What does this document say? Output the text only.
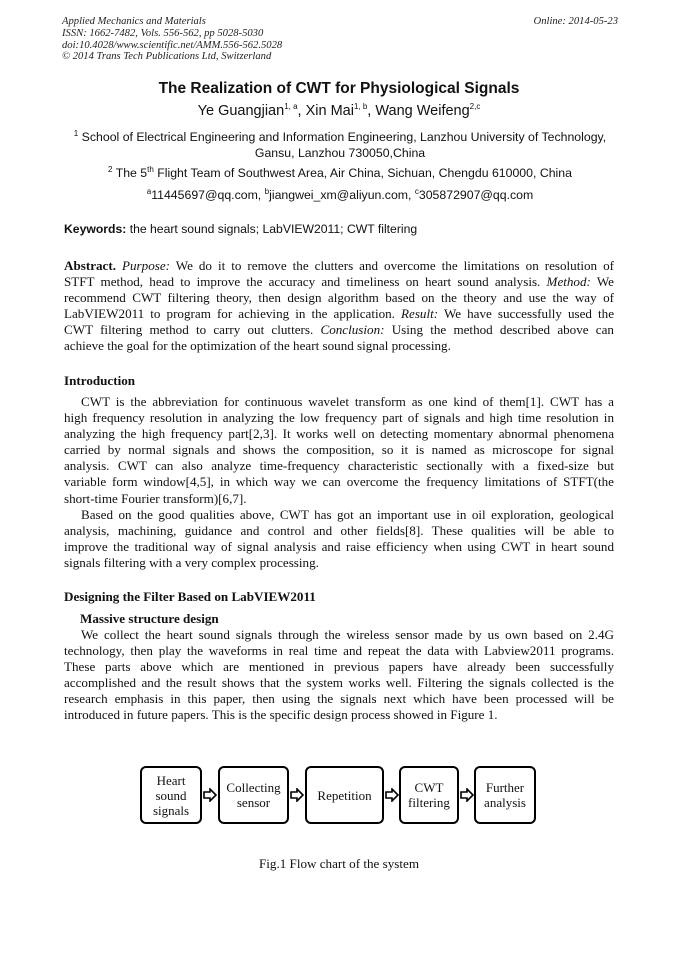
Applied Mechanics and Materials
ISSN: 1662-7482, Vols. 556-562, pp 5028-5030
doi:10.4028/www.scientific.net/AMM.556-562.5028
© 2014 Trans Tech Publications Ltd, Switzerland
Online: 2014-05-23
The Realization of CWT for Physiological Signals
Ye Guangjian$^{1, a}$, Xin Mai$^{1, b}$, Wang Weifeng$^{2,c}$
$^1$ School of Electrical Engineering and Information Engineering, Lanzhou University of Technology,
Gansu, Lanzhou 730050,China
$^2$ The 5th Flight Team of Southwest Area, Air China, Sichuan, Chengdu 610000, China
$^a$11445697@qq.com, $^b$jiangwei_xm@aliyun.com, $^c$305872907@qq.com
Keywords: the heart sound signals; LabVIEW2011; CWT filtering
Abstract. Purpose: We do it to remove the clutters and overcome the limitations on resolution of
STFT method, head to improve the accuracy and timeliness on heart sound analysis. Method: We
recommend CWT filtering theory, then design algorithm based on the theory and use the way of
LabVIEW2011 to program for achieving in the application. Result: We have successfully used the
CWT filtering method to carry out clutters. Conclusion: Using the method described above can
achieve the goal for the optimization of the heart sound signal processing.
Introduction
CWT is the abbreviation for continuous wavelet transform as one kind of them[1]. CWT has a
high frequency resolution in analyzing the low frequency part of signals and high time resolution in
analyzing the high frequency part[2,3]. It works well on detecting momentary abnormal phenomena
carried by normal signals and shows the composition, so it is named as microscope for signal
analysis. CWT can also analyze time-frequency characteristic sectionally with a fixed-size but
variable form window[4,5], in which way we can overcome the frequency limitations of STFT(the
short-time Fourier transform)[6,7].
Based on the good qualities above, CWT has got an important use in oil exploration, geological
analysis, machining, guidance and control and other fields[8]. These qualities will be able to
improve the traditional way of signal analysis and raise efficiency when using CWT in heart sound
signals filtering with a very complex processing.
Designing the Filter Based on LabVIEW2011
Massive structure design
We collect the heart sound signals through the wireless sensor made by us own based on 2.4G
technology, then play the waveforms in real time and repeat the data with Labview2011 programs.
These parts above which are mentioned in previous papers have already been successfully
accomplished and the result shows that the system works well. Filtering the signals collected is the
research emphasis in this paper, then using the signals next which have been processed will be
introduced in future papers. This is the specific design process showed in Figure 1.
Heart
sound
signals
Collecting
sensor	Repetition	CWT
filtering
Further
analysis
Fig.1 Flow chart of the system
